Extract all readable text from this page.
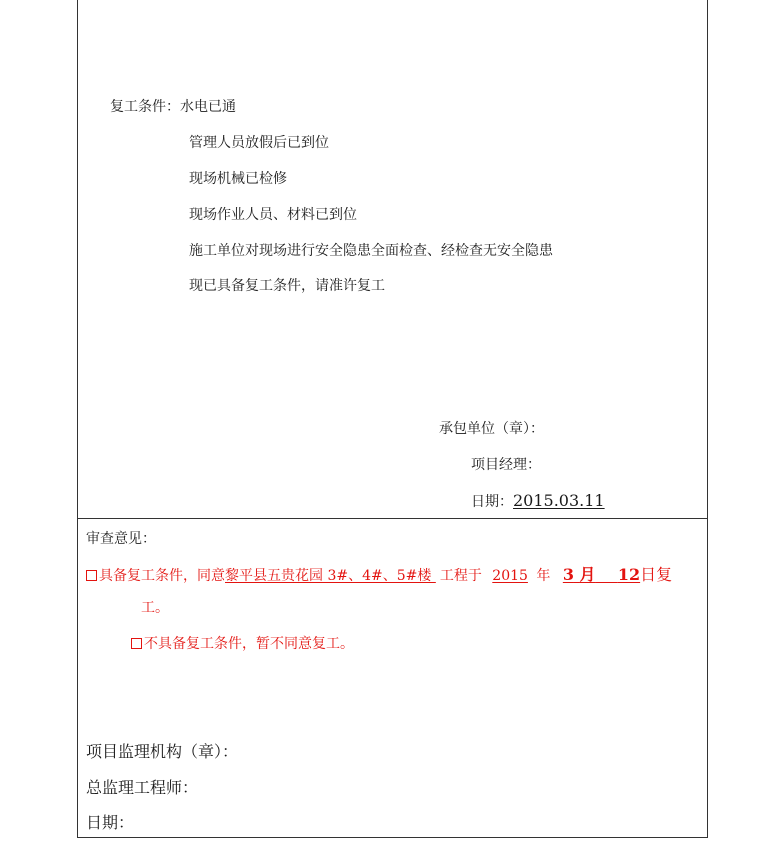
复工条件：水电已通
管理人员放假后已到位
现场机械已检修
现场作业人员、材料已到位
施工单位对现场进行安全隐患全面检查、经检查无安全隐患
现已具备复工条件，请准许复工
承包单位（章）：
项目经理：
日期：2015.03.11
审查意见：
具备复工条件，同意黎平县五贵花园 3#、4#、5#楼 工程于 2015 年 3 月 12日复
工。
不具备复工条件，暂不同意复工。
项目监理机构（章）：
总监理工程师：
日期：
